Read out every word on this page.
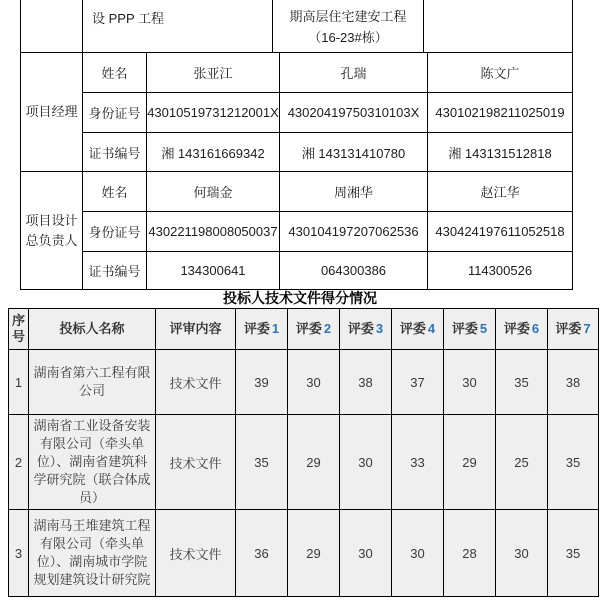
	设 PPP 工程	期高层住宅建安工程
（16-23#栋）

项目经理	姓名	张亚江	孔瑞	陈文广
	身份证号	43010519731212001X	43020419750310103X	430102198211025019
	证书编号	湘 143161669342	湘 143131410780	湘 143131512818

项目设计
总负责人	姓名	何瑞金	周湘华	赵江华
	身份证号	430221198008050037	430104197207062536	430424197611052518
	证书编号	134300641	064300386	114300526
投标人技术文件得分情况
序号	投标人名称	评审内容	评委 1	评委 2	评委 3	评委 4	评委 5	评委 6	评委 7
1	湖南省第六工程有限公司	技术文件	39	30	38	37	30	35	38
2	湖南省工业设备安装有限公司（牵头单位）、湖南省建筑科学研究院（联合体成员）	技术文件	35	29	30	33	29	25	35
3	湖南马王堆建筑工程有限公司（牵头单位）、湖南城市学院规划建筑设计研究院	技术文件	36	29	30	30	28	30	35
